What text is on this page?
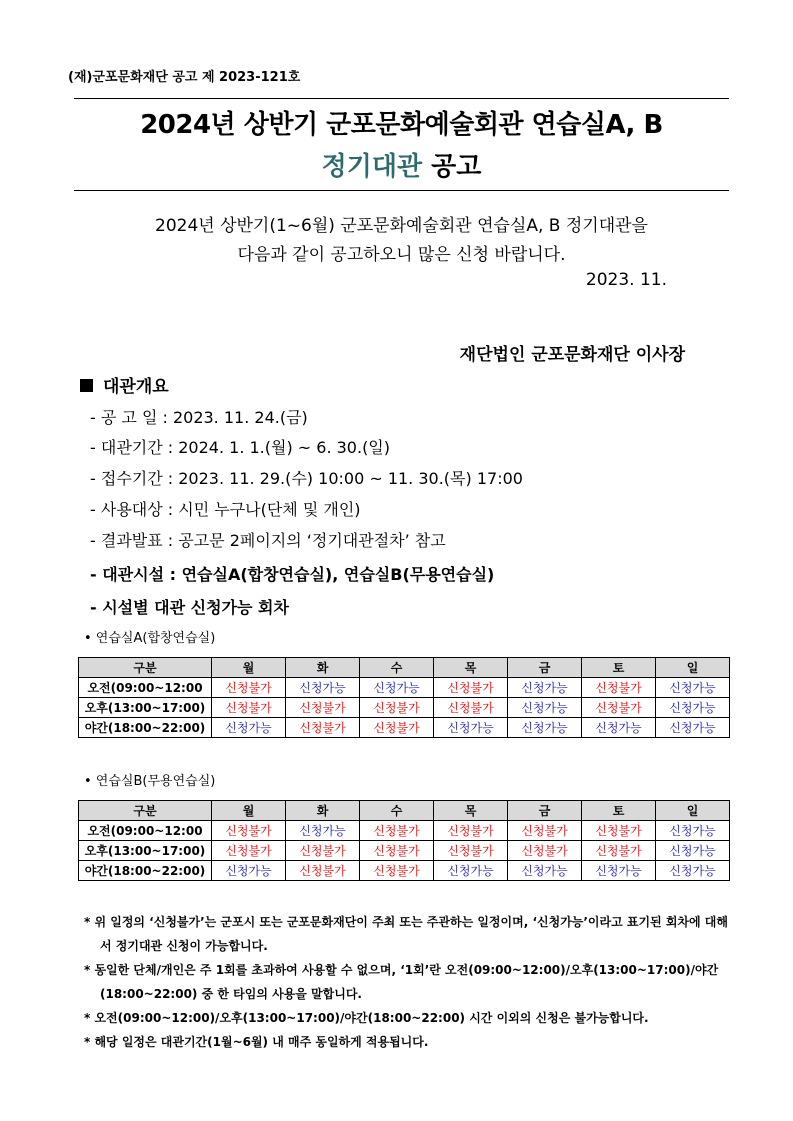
(재)군포문화재단 공고 제 2023-121호
2024년 상반기 군포문화예술회관 연습실A, B
정기대관 공고
2024년 상반기(1~6월) 군포문화예술회관 연습실A, B 정기대관을
다음과 같이 공고하오니 많은 신청 바랍니다.
2023. 11.
재단법인 군포문화재단 이사장
대관개요
- 공 고 일 : 2023. 11. 24.(금)
- 대관기간 : 2024. 1. 1.(월) ~ 6. 30.(일)
- 접수기간 : 2023. 11. 29.(수) 10:00 ~ 11. 30.(목) 17:00
- 사용대상 : 시민 누구나(단체 및 개인)
- 결과발표 : 공고문 2페이지의 ‘정기대관절차’ 참고
- 대관시설 : 연습실A(합창연습실), 연습실B(무용연습실)
- 시설별 대관 신청가능 회차
• 연습실A(합창연습실)
구분	월	화	수	목	금	토	일
오전(09:00~12:00	신청불가	신청가능	신청가능	신청불가	신청가능	신청불가	신청가능
오후(13:00~17:00)	신청불가	신청불가	신청불가	신청불가	신청가능	신청불가	신청가능
야간(18:00~22:00)	신청가능	신청불가	신청불가	신청가능	신청가능	신청가능	신청가능
• 연습실B(무용연습실)
구분	월	화	수	목	금	토	일
오전(09:00~12:00	신청불가	신청가능	신청불가	신청불가	신청불가	신청불가	신청가능
오후(13:00~17:00)	신청불가	신청불가	신청불가	신청불가	신청불가	신청불가	신청가능
야간(18:00~22:00)	신청가능	신청불가	신청불가	신청가능	신청가능	신청가능	신청가능
* 위 일정의 ‘신청불가’는 군포시 또는 군포문화재단이 주최 또는 주관하는 일정이며, ‘신청가능’이라고 표기된 회차에 대해서 정기대관 신청이 가능합니다.
* 동일한 단체/개인은 주 1회를 초과하여 사용할 수 없으며, ‘1회’란 오전(09:00~12:00)/오후(13:00~17:00)/야간(18:00~22:00) 중 한 타임의 사용을 말합니다.
* 오전(09:00~12:00)/오후(13:00~17:00)/야간(18:00~22:00) 시간 이외의 신청은 불가능합니다.
* 해당 일정은 대관기간(1월~6월) 내 매주 동일하게 적용됩니다.
